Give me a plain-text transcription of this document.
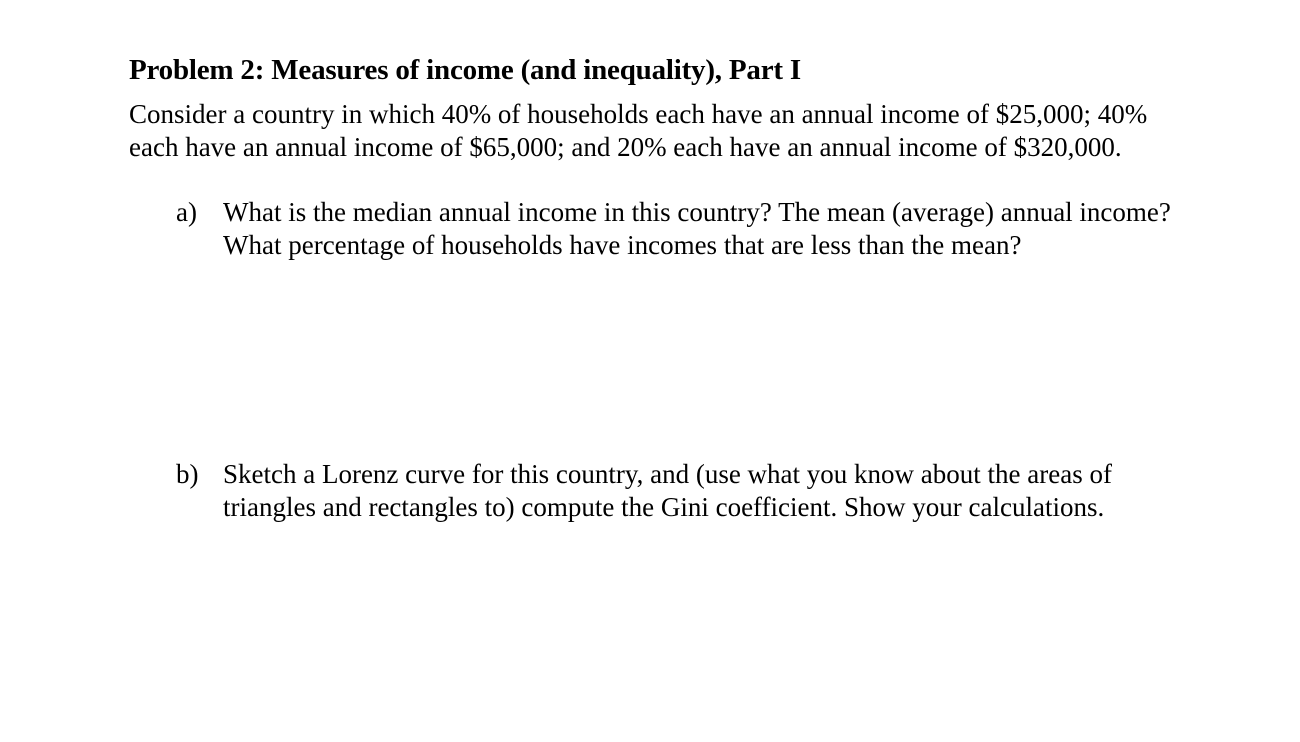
Problem 2: Measures of income (and inequality), Part I
Consider a country in which 40% of households each have an annual income of $25,000; 40%
each have an annual income of $65,000; and 20% each have an annual income of $320,000.
a) What is the median annual income in this country? The mean (average) annual income?
What percentage of households have incomes that are less than the mean?
b) Sketch a Lorenz curve for this country, and (use what you know about the areas of
triangles and rectangles to) compute the Gini coefficient. Show your calculations.
